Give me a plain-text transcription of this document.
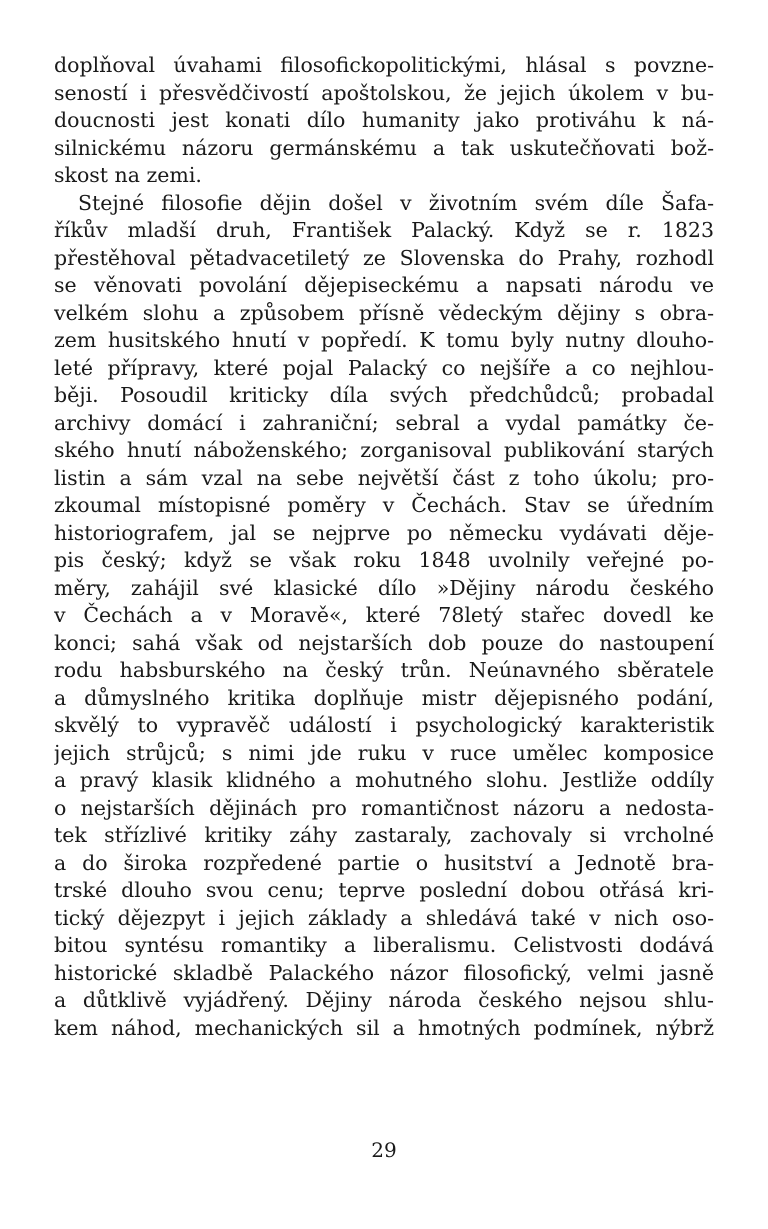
doplňoval úvahami filosofickopolitickými, hlásal s povzne-
seností i přesvědčivostí apoštolskou, že jejich úkolem v bu-
doucnosti jest konati dílo humanity jako protiváhu k ná-
silnickému názoru germánskému a tak uskutečňovati bož-
skost na zemi.
Stejné filosofie dějin došel v životním svém díle Šafa-
říkův mladší druh, František Palacký. Když se r. 1823
přestěhoval pětadvacetiletý ze Slovenska do Prahy, rozhodl
se věnovati povolání dějepiseckému a napsati národu ve
velkém slohu a způsobem přísně vědeckým dějiny s obra-
zem husitského hnutí v popředí. K tomu byly nutny dlouho-
leté přípravy, které pojal Palacký co nejšíře a co nejhlou-
běji. Posoudil kriticky díla svých předchůdců; probadal
archivy domácí i zahraniční; sebral a vydal památky če-
ského hnutí náboženského; zorganisoval publikování starých
listin a sám vzal na sebe největší část z toho úkolu; pro-
zkoumal místopisné poměry v Čechách. Stav se úředním
historiografem, jal se nejprve po německu vydávati děje-
pis český; když se však roku 1848 uvolnily veřejné po-
měry, zahájil své klasické dílo »Dějiny národu českého
v Čechách a v Moravě«, které 78letý stařec dovedl ke
konci; sahá však od nejstarších dob pouze do nastoupení
rodu habsburského na český trůn. Neúnavného sběratele
a důmyslného kritika doplňuje mistr dějepisného podání,
skvělý to vypravěč událostí i psychologický karakteristik
jejich strůjců; s nimi jde ruku v ruce umělec komposice
a pravý klasik klidného a mohutného slohu. Jestliže oddíly
o nejstarších dějinách pro romantičnost názoru a nedosta-
tek střízlivé kritiky záhy zastaraly, zachovaly si vrcholné
a do široka rozpředené partie o husitství a Jednotě bra-
trské dlouho svou cenu; teprve poslední dobou otřásá kri-
tický dějezpyt i jejich základy a shledává také v nich oso-
bitou syntésu romantiky a liberalismu. Celistvosti dodává
historické skladbě Palackého názor filosofický, velmi jasně
a důtklivě vyjádřený. Dějiny národa českého nejsou shlu-
kem náhod, mechanických sil a hmotných podmínek, nýbrž
29
